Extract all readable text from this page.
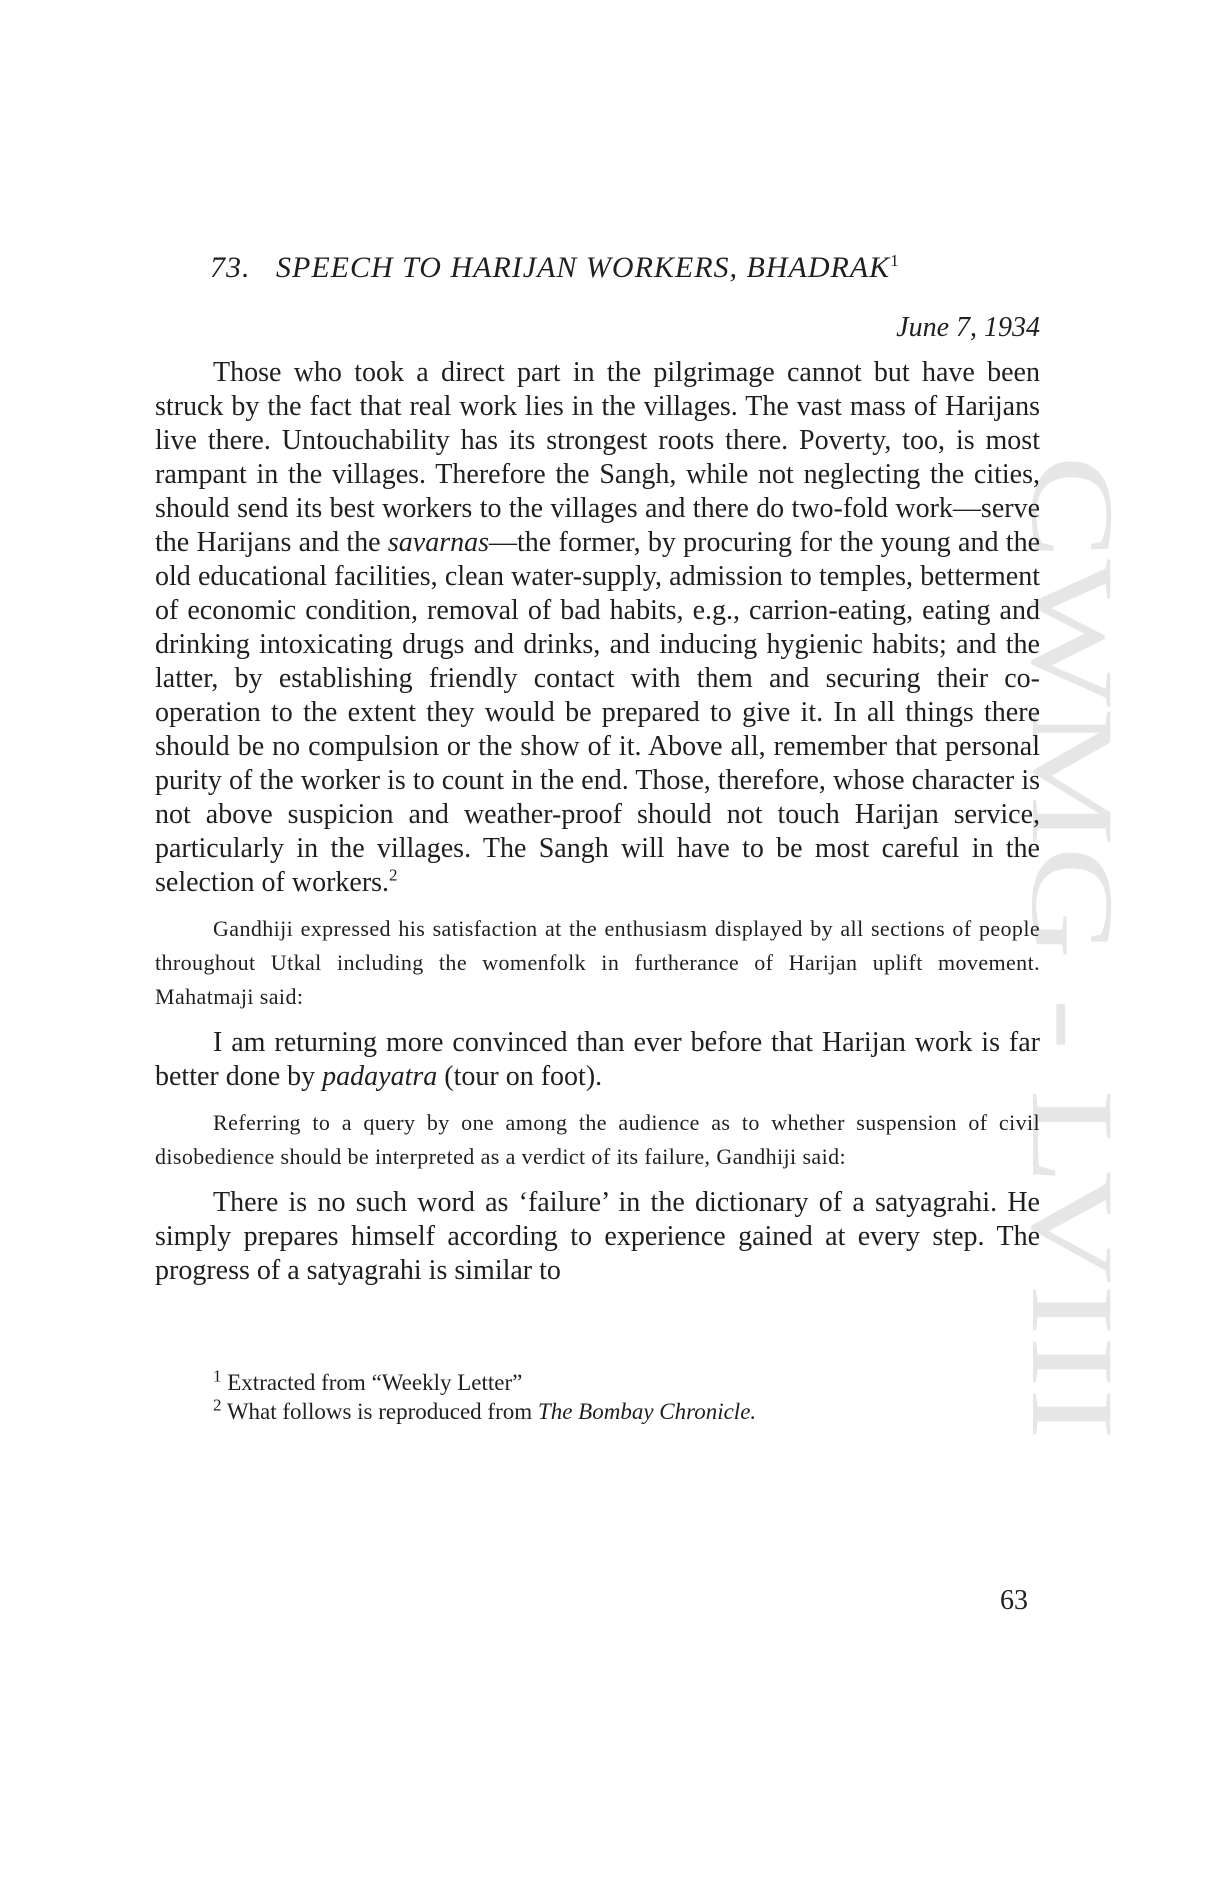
CWMG - LVIII
73. SPEECH TO HARIJAN WORKERS, BHADRAK$^1$
June 7, 1934

Those who took a direct part in the pilgrimage cannot but have been struck by the fact that real work lies in the villages. The vast mass of Harijans live there. Untouchability has its strongest roots there. Poverty, too, is most rampant in the villages. Therefore the Sangh, while not neglecting the cities, should send its best workers to the villages and there do two-fold work—serve the Harijans and the savarnas—the former, by procuring for the young and the old educational facilities, clean water-supply, admission to temples, betterment of economic condition, removal of bad habits, e.g., carrion-eating, eating and drinking intoxicating drugs and drinks, and inducing hygienic habits; and the latter, by establishing friendly contact with them and securing their co-operation to the extent they would be prepared to give it. In all things there should be no compulsion or the show of it. Above all, remember that personal purity of the worker is to count in the end. Those, therefore, whose character is not above suspicion and weather-proof should not touch Harijan service, particularly in the villages. The Sangh will have to be most careful in the selection of workers.$^2$

Gandhiji expressed his satisfaction at the enthusiasm displayed by all sections of people throughout Utkal including the womenfolk in furtherance of Harijan uplift movement. Mahatmaji said:

I am returning more convinced than ever before that Harijan work is far better done by padayatra (tour on foot).

Referring to a query by one among the audience as to whether suspension of civil disobedience should be interpreted as a verdict of its failure, Gandhiji said:

There is no such word as ‘failure’ in the dictionary of a satyagrahi. He simply prepares himself according to experience gained at every step. The progress of a satyagrahi is similar to

$^1$ Extracted from “Weekly Letter”
$^2$ What follows is reproduced from The Bombay Chronicle.
63
